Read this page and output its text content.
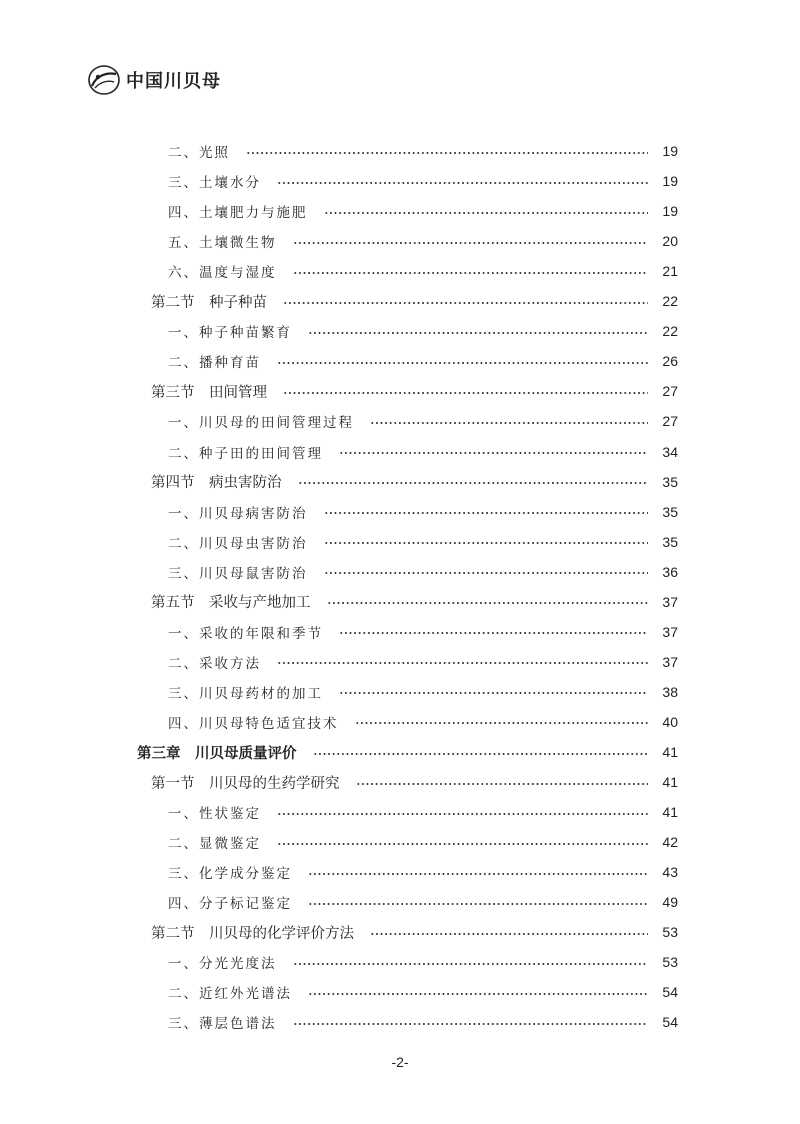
中国川贝母
二、光照	19
三、土壤水分	19
四、土壤肥力与施肥	19
五、土壤微生物	20
六、温度与湿度	21
第二节　种子种苗	22
一、种子种苗繁育	22
二、播种育苗	26
第三节　田间管理	27
一、川贝母的田间管理过程	27
二、种子田的田间管理	34
第四节　病虫害防治	35
一、川贝母病害防治	35
二、川贝母虫害防治	35
三、川贝母鼠害防治	36
第五节　采收与产地加工	37
一、采收的年限和季节	37
二、采收方法	37
三、川贝母药材的加工	38
四、川贝母特色适宜技术	40
第三章　川贝母质量评价	41
第一节　川贝母的生药学研究	41
一、性状鉴定	41
二、显微鉴定	42
三、化学成分鉴定	43
四、分子标记鉴定	49
第二节　川贝母的化学评价方法	53
一、分光光度法	53
二、近红外光谱法	54
三、薄层色谱法	54
-2-
